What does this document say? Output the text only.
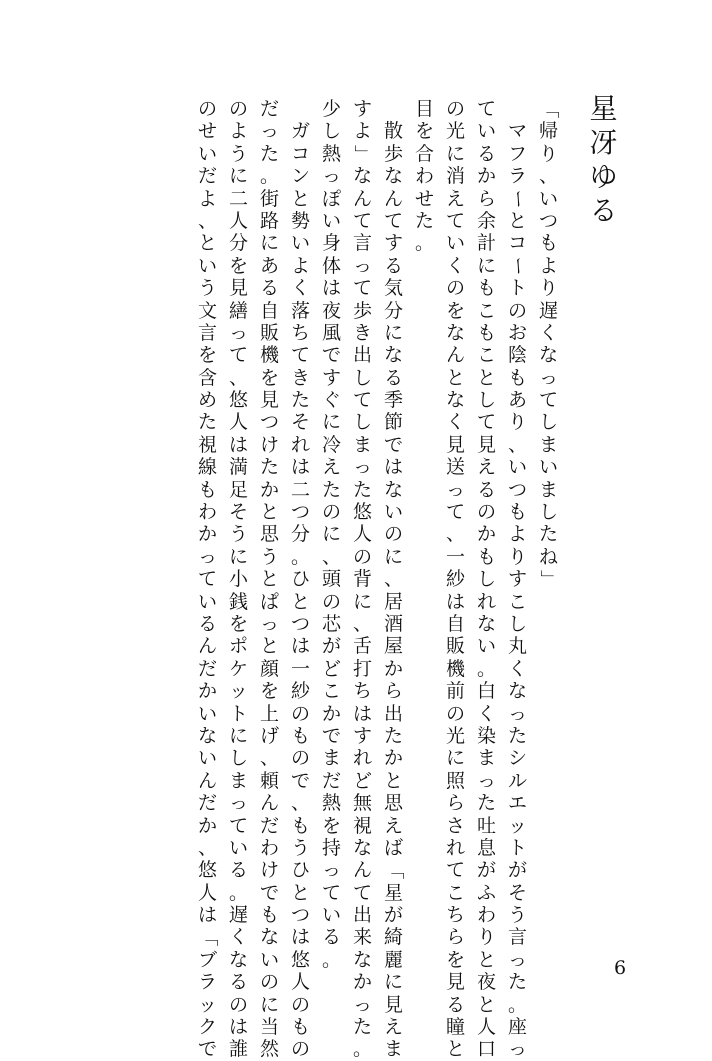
星
冴
ゆ
る
「
帰
り
、
い
つ
も
よ
り
遅
く
な
っ
て
し
ま
い
ま
し
た
ね
」

マ
フ
ラ
ー
と
コ
ー
ト
の
お
陰
も
あ
り
、
い
つ
も
よ
り
す
こ
し
丸
く
な
っ
た
シ
ル
エ
ッ
ト
が
そ
う
言
っ
た
。
座
っ
て
い
る
か
ら
余
計
に
も
こ
も
こ
と
し
て
見
え
る
の
か
も
し
れ
な
い
。
白
く
染
ま
っ
た
吐
息
が
ふ
わ
り
と
夜
と
人
口
の
光
に
消
え
て
い
く
の
を
な
ん
と
な
く
見
送
っ
て
、
一
紗
は
自
販
機
前
の
光
に
照
ら
さ
れ
て
こ
ち
ら
を
見
る
瞳
と
目
を
合
わ
せ
た
。

散
歩
な
ん
て
す
る
気
分
に
な
る
季
節
で
は
な
い
の
に
、
居
酒
屋
か
ら
出
た
か
と
思
え
ば
「
星
が
綺
麗
に
見
え
ま
す
よ
」
な
ん
て
言
っ
て
歩
き
出
し
て
し
ま
っ
た
悠
人
の
背
に
、
舌
打
ち
は
す
れ
ど
無
視
な
ん
て
出
来
な
か
っ
た
。
少
し
熱
っ
ぽ
い
身
体
は
夜
風
で
す
ぐ
に
冷
え
た
の
に
、
頭
の
芯
が
ど
こ
か
で
ま
だ
熱
を
持
っ
て
い
る
。

ガ
コ
ン
と
勢
い
よ
く
落
ち
て
き
た
そ
れ
は
二
つ
分
。
ひ
と
つ
は
一
紗
の
も
の
で
、
も
う
ひ
と
つ
は
悠
人
の
も
の
だ
っ
た
。
街
路
に
あ
る
自
販
機
を
見
つ
け
た
か
と
思
う
と
ぱ
っ
と
顔
を
上
げ
、
頼
ん
だ
わ
け
で
も
な
い
の
に
当
然
の
よ
う
に
二
人
分
を
見
繕
っ
て
、
悠
人
は
満
足
そ
う
に
小
銭
を
ポ
ケ
ッ
ト
に
し
ま
っ
て
い
る
。
遅
く
な
る
の
は
誰
の
せ
い
だ
よ
、
と
い
う
文
言
を
含
め
た
視
線
も
わ
か
っ
て
い
る
ん
だ
か
い
な
い
ん
だ
か
、
悠
人
は
「
ブ
ラ
ッ
ク
で
6
